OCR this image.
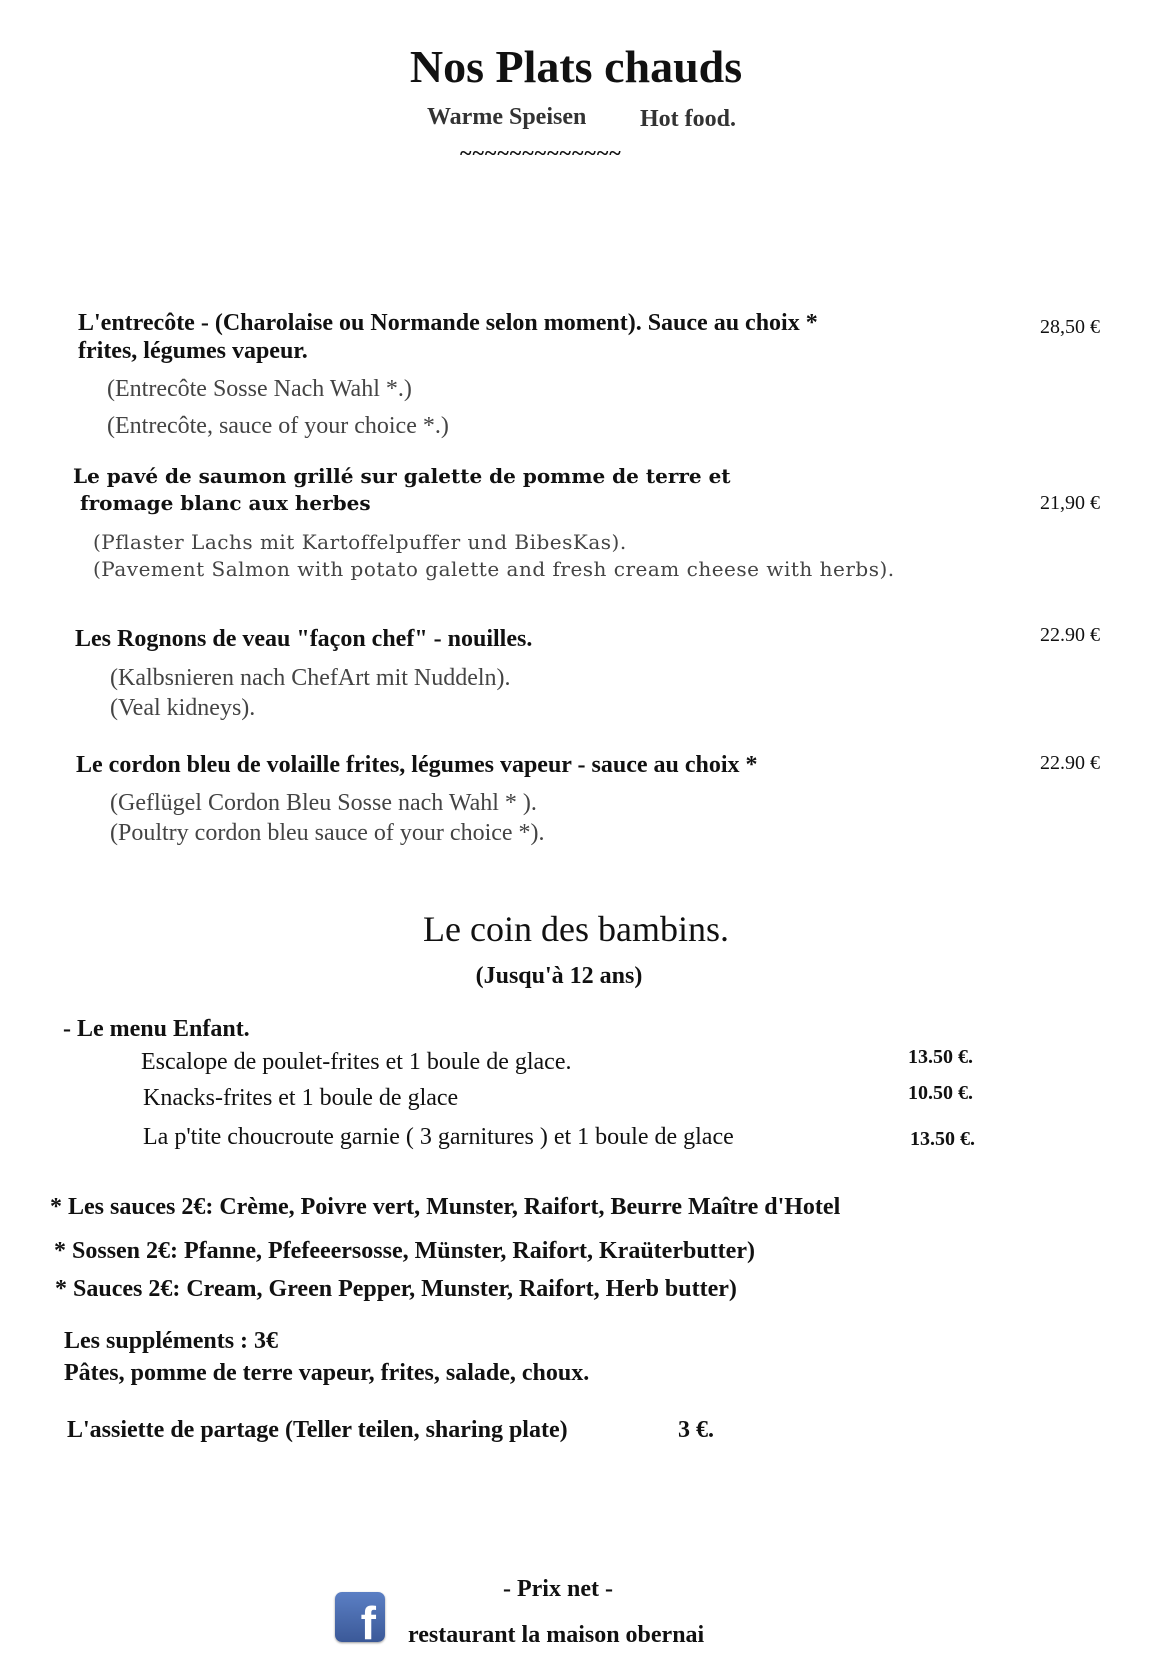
Nos Plats chauds
Warme Speisen Hot food.
~~~~~~~~~~~~~
L'entrecôte - (Charolaise ou Normande selon moment). Sauce au choix *
frites, légumes vapeur.
28,50 €
(Entrecôte Sosse Nach Wahl *.)
(Entrecôte, sauce of your choice *.)
Le pavé de saumon grillé sur galette de pomme de terre et
fromage blanc aux herbes	21,90 €
(Pflaster Lachs mit Kartoffelpuffer und BibesKas).
(Pavement Salmon with potato galette and fresh cream cheese with herbs).
Les Rognons de veau "façon chef" - nouilles.	22.90 €
(Kalbsnieren nach ChefArt mit Nuddeln).
(Veal kidneys).
Le cordon bleu de volaille frites, légumes vapeur - sauce au choix *	22.90 €
(Geflügel Cordon Bleu Sosse nach Wahl * ).
(Poultry cordon bleu sauce of your choice *).
Le coin des bambins.
(Jusqu'à 12 ans)
- Le menu Enfant.
Escalope de poulet-frites et 1 boule de glace.	13.50 €.
Knacks-frites et 1 boule de glace	10.50 €.
La p'tite choucroute garnie ( 3 garnitures ) et 1 boule de glace	13.50 €.
* Les sauces 2€: Crème, Poivre vert, Munster, Raifort, Beurre Maître d'Hotel
* Sossen 2€: Pfanne, Pfefeeersosse, Münster, Raifort, Kraüterbutter)
* Sauces 2€: Cream, Green Pepper, Munster, Raifort, Herb butter)
Les suppléments : 3€
Pâtes, pomme de terre vapeur, frites, salade, choux.
L'assiette de partage (Teller teilen, sharing plate)	3 €.
- Prix net -
f restaurant la maison obernai
